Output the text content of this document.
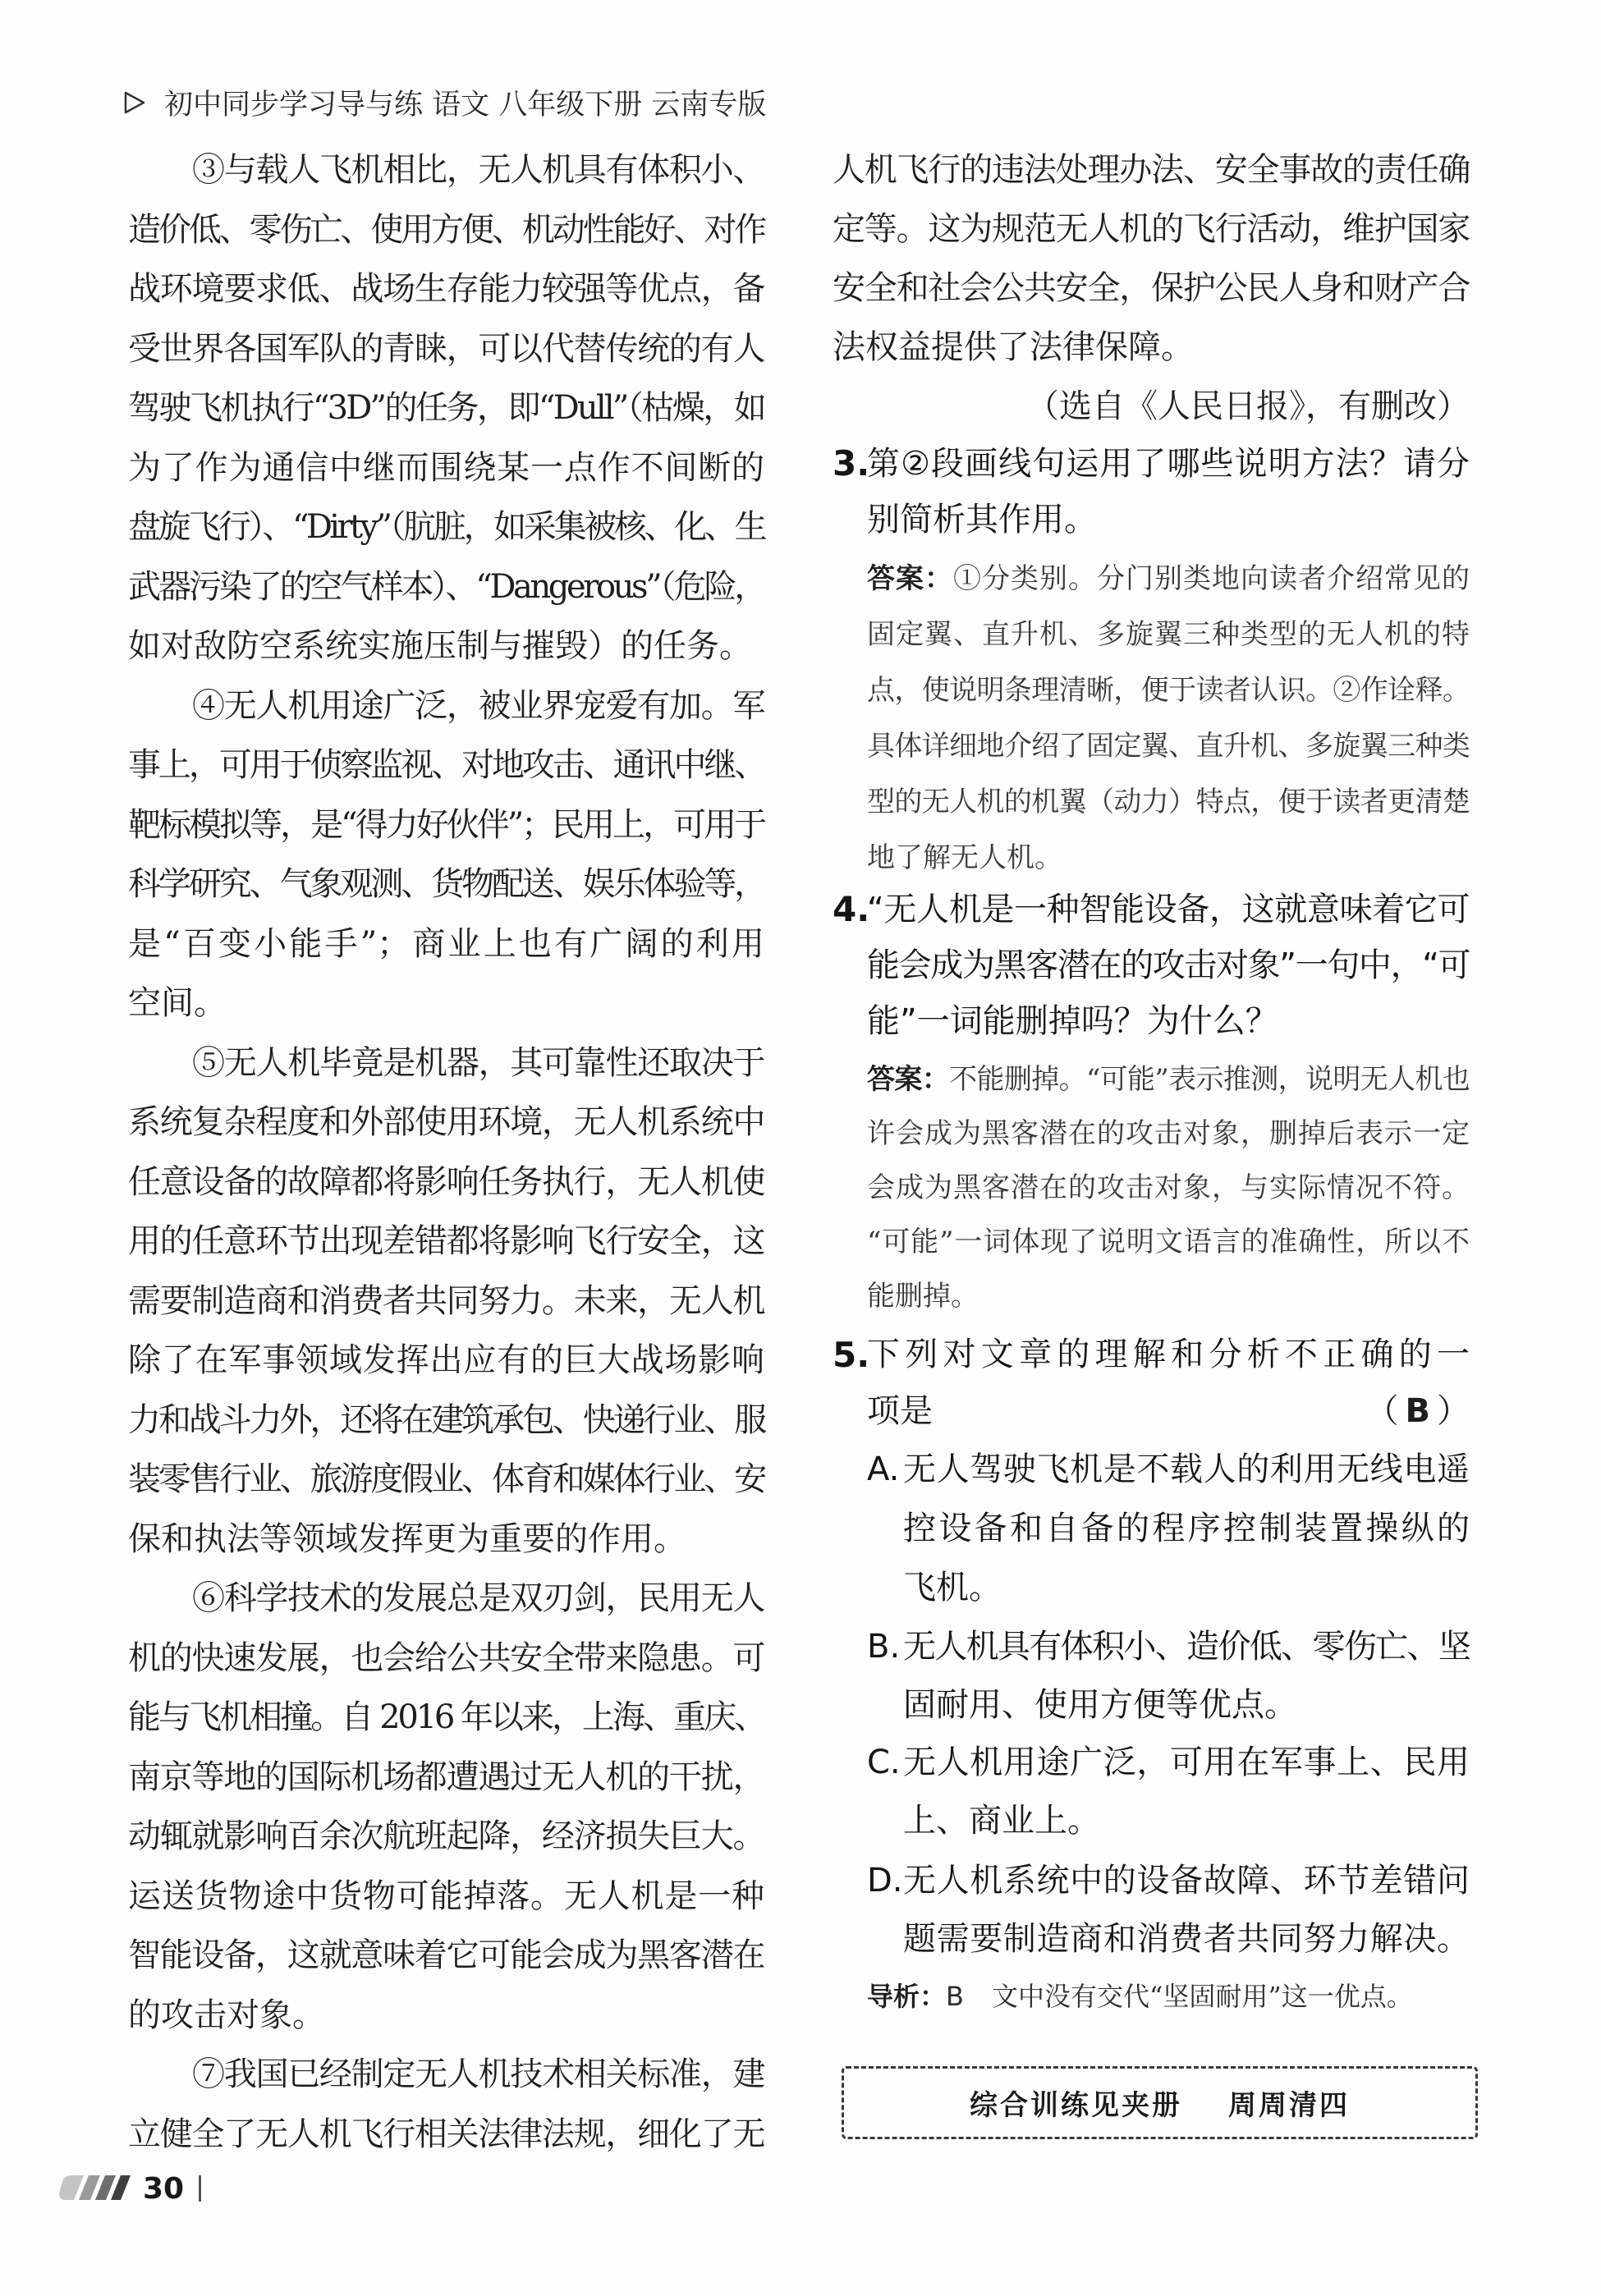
初中同步学习导与练 语文 八年级下册 云南专版
③与载人飞机相比，无人机具有体积小、
造价低、零伤亡、使用方便、机动性能好、对作
战环境要求低、战场生存能力较强等优点，备
受世界各国军队的青睐，可以代替传统的有人
驾驶飞机执行“3D”的任务，即“Dull”（枯燥，如
为了作为通信中继而围绕某一点作不间断的
盘旋飞行）、“Dirty”（肮脏，如采集被核、化、生
武器污染了的空气样本）、“Dangerous”（危险，
如对敌防空系统实施压制与摧毁）的任务。
④无人机用途广泛，被业界宠爱有加。军
事上，可用于侦察监视、对地攻击、通讯中继、
靶标模拟等，是“得力好伙伴”；民用上，可用于
科学研究、气象观测、货物配送、娱乐体验等，
是“百变小能手”；商业上也有广阔的利用
空间。
⑤无人机毕竟是机器，其可靠性还取决于
系统复杂程度和外部使用环境，无人机系统中
任意设备的故障都将影响任务执行，无人机使
用的任意环节出现差错都将影响飞行安全，这
需要制造商和消费者共同努力。未来，无人机
除了在军事领域发挥出应有的巨大战场影响
力和战斗力外，还将在建筑承包、快递行业、服
装零售行业、旅游度假业、体育和媒体行业、安
保和执法等领域发挥更为重要的作用。
⑥科学技术的发展总是双刃剑，民用无人
机的快速发展，也会给公共安全带来隐患。可
能与飞机相撞。自 2016 年以来，上海、重庆、
南京等地的国际机场都遭遇过无人机的干扰，
动辄就影响百余次航班起降，经济损失巨大。
运送货物途中货物可能掉落。无人机是一种
智能设备，这就意味着它可能会成为黑客潜在
的攻击对象。
⑦我国已经制定无人机技术相关标准，建
立健全了无人机飞行相关法律法规，细化了无
人机飞行的违法处理办法、安全事故的责任确
定等。这为规范无人机的飞行活动，维护国家
安全和社会公共安全，保护公民人身和财产合
法权益提供了法律保障。
（选自《人民日报》，有删改）
3.
第②段画线句运用了哪些说明方法？请分
别简析其作用。
答案：①分类别。分门别类地向读者介绍常见的
固定翼、直升机、多旋翼三种类型的无人机的特
点，使说明条理清晰，便于读者认识。②作诠释。
具体详细地介绍了固定翼、直升机、多旋翼三种类
型的无人机的机翼（动力）特点，便于读者更清楚
地了解无人机。
4.
“无人机是一种智能设备，这就意味着它可
能会成为黑客潜在的攻击对象”一句中，“可
能”一词能删掉吗？为什么？
答案：不能删掉。“可能”表示推测，说明无人机也
许会成为黑客潜在的攻击对象，删掉后表示一定
会成为黑客潜在的攻击对象，与实际情况不符。
“可能”一词体现了说明文语言的准确性，所以不
能删掉。
5.
下列对文章的理解和分析不正确的一
项是	（ B ）
A. 无人驾驶飞机是不载人的利用无线电遥
控设备和自备的程序控制装置操纵的
飞机。
B. 无人机具有体积小、造价低、零伤亡、坚
固耐用、使用方便等优点。
C. 无人机用途广泛，可用在军事上、民用
上、商业上。
D. 无人机系统中的设备故障、环节差错问
题需要制造商和消费者共同努力解决。
导析：B 文中没有交代“坚固耐用”这一优点。
综合训练见夹册 周周清四
30
